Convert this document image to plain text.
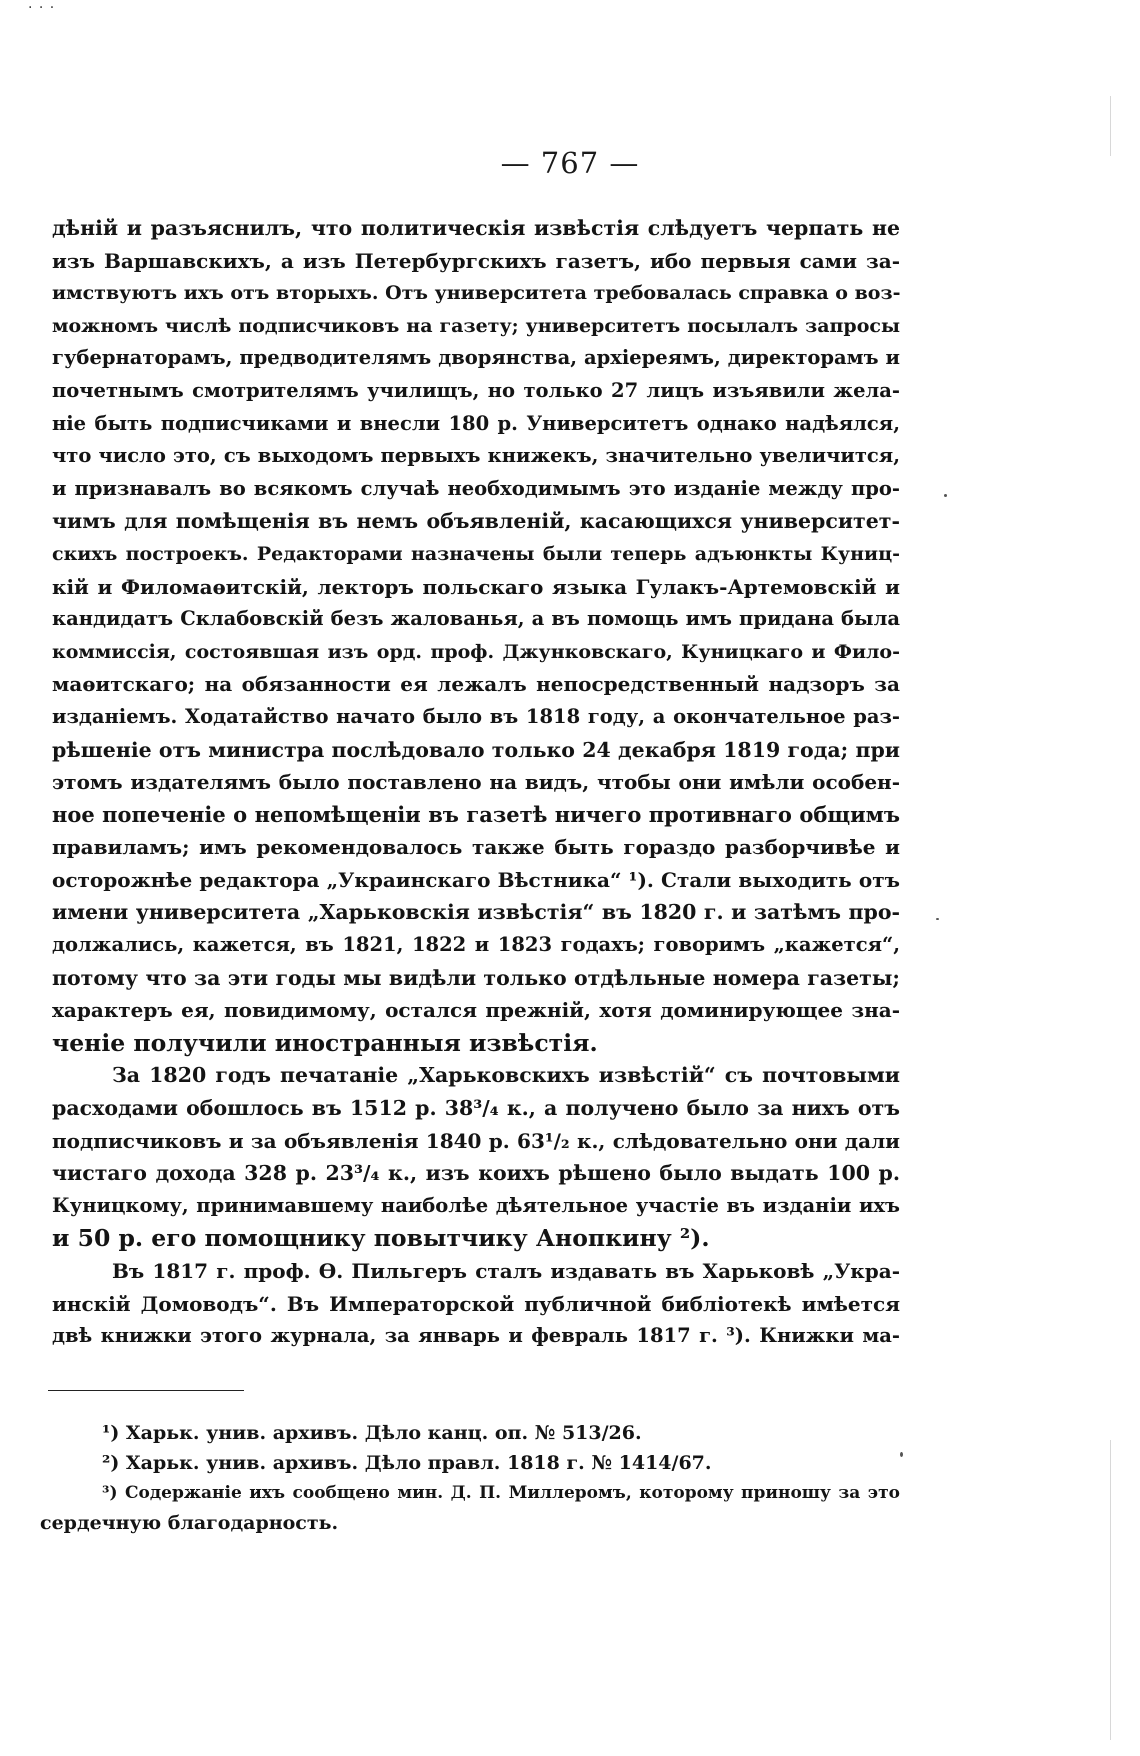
· · ·
— 767 —
дѣній и разъяснилъ, что политическія извѣстія слѣдуетъ черпать не
изъ Варшавскихъ, а изъ Петербургскихъ газетъ, ибо первыя сами за-
имствуютъ ихъ отъ вторыхъ. Отъ университета требовалась справка о воз-
можномъ числѣ подписчиковъ на газету; университетъ посылалъ запросы
губернаторамъ, предводителямъ дворянства, архіереямъ, директорамъ и
почетнымъ смотрителямъ училищъ, но только 27 лицъ изъявили жела-
ніе быть подписчиками и внесли 180 р. Университетъ однако надѣялся,
что число это, съ выходомъ первыхъ книжекъ, значительно увеличится,
и признавалъ во всякомъ случаѣ необходимымъ это изданіе между про-
чимъ для помѣщенія въ немъ объявленій, касающихся университет-
скихъ построекъ. Редакторами назначены были теперь адъюнкты Куниц-
кій и Филомаѳитскій, лекторъ польскаго языка Гулакъ-Артемовскій и
кандидатъ Склабовскій безъ жалованья, а въ помощь имъ придана была
коммиссія, состоявшая изъ орд. проф. Джунковскаго, Куницкаго и Фило-
маѳитскаго; на обязанности ея лежалъ непосредственный надзоръ за
изданіемъ. Ходатайство начато было въ 1818 году, а окончательное раз-
рѣшеніе отъ министра послѣдовало только 24 декабря 1819 года; при
этомъ издателямъ было поставлено на видъ, чтобы они имѣли особен-
ное попеченіе о непомѣщеніи въ газетѣ ничего противнаго общимъ
правиламъ; имъ рекомендовалось также быть гораздо разборчивѣе и
осторожнѣе редактора „Украинскаго Вѣстника“ ¹). Стали выходить отъ
имени университета „Харьковскія извѣстія“ въ 1820 г. и затѣмъ про-
должались, кажется, въ 1821, 1822 и 1823 годахъ; говоримъ „кажется“,
потому что за эти годы мы видѣли только отдѣльные номера газеты;
характеръ ея, повидимому, остался прежній, хотя доминирующее зна-
ченіе получили иностранныя извѣстія.
За 1820 годъ печатаніе „Харьковскихъ извѣстій“ съ почтовыми
расходами обошлось въ 1512 р. 38³/₄ к., а получено было за нихъ отъ
подписчиковъ и за объявленія 1840 р. 63¹/₂ к., слѣдовательно они дали
чистаго дохода 328 р. 23³/₄ к., изъ коихъ рѣшено было выдать 100 р.
Куницкому, принимавшему наиболѣе дѣятельное участіе въ изданіи ихъ
и 50 р. его помощнику повытчику Анопкину ²).
Въ 1817 г. проф. Ѳ. Пильгеръ сталъ издавать въ Харьковѣ „Укра-
инскій Домоводъ“. Въ Императорской публичной библіотекѣ имѣется
двѣ книжки этого журнала, за январь и февраль 1817 г. ³). Книжки ма-
¹) Харьк. унив. архивъ. Дѣло канц. оп. № 513/26.
²) Харьк. унив. архивъ. Дѣло правл. 1818 г. № 1414/67.
³) Содержаніе ихъ сообщено мин. Д. П. Миллеромъ, которому приношу за это
сердечную благодарность.
